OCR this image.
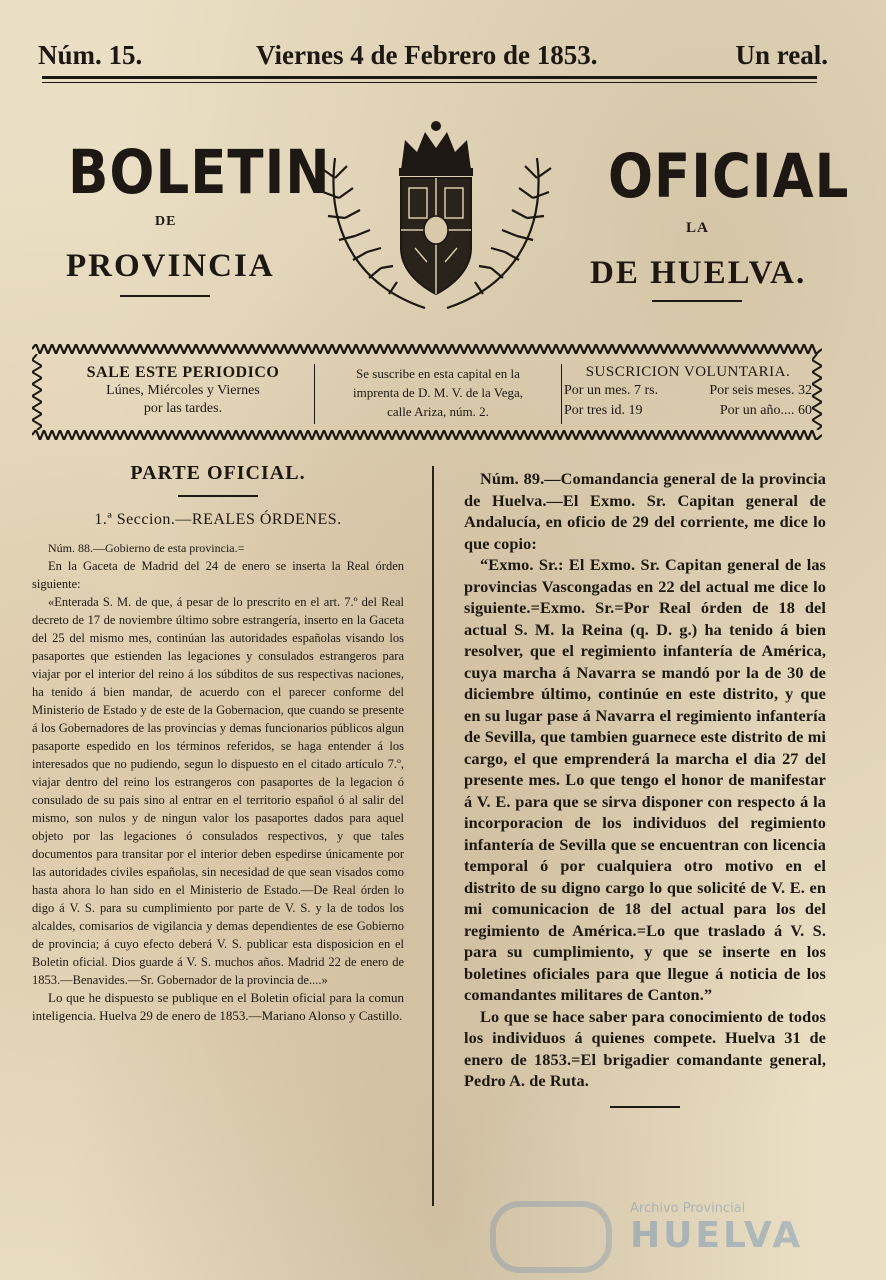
Núm. 15.	Viernes 4 de Febrero de 1853.	Un real.
BOLETIN	OFICIAL
DE	LA
PROVINCIA	DE HUELVA.
SALE ESTE PERIODICO
Lúnes, Miércoles y Viernes
por las tardes.
Se suscribe en esta capital en la
imprenta de D. M. V. de la Vega,
calle Ariza, núm. 2.
SUSCRICION VOLUNTARIA.
Por un mes. 7 rs.	Por seis meses. 32
Por tres id. 19	Por un año.... 60
PARTE OFICIAL.
1.ª Seccion.—REALES ÓRDENES.

Núm. 88.—Gobierno de esta provincia.=

En la Gaceta de Madrid del 24 de enero se inserta la Real órden siguiente:

«Enterada S. M. de que, á pesar de lo prescrito en el art. 7.º del Real decreto de 17 de noviembre último sobre estrangería, inserto en la Gaceta del 25 del mismo mes, continúan las autoridades españolas visando los pasaportes que estienden las legaciones y consulados estrangeros para viajar por el interior del reino á los súbditos de sus respectivas naciones, ha tenido á bien mandar, de acuerdo con el parecer conforme del Ministerio de Estado y de este de la Gobernacion, que cuando se presente á los Gobernadores de las provincias y demas funcionarios públicos algun pasaporte espedido en los términos referidos, se haga entender á los interesados que no pudiendo, segun lo dispuesto en el citado artículo 7.º, viajar dentro del reino los estrangeros con pasaportes de la legacion ó consulado de su pais sino al entrar en el territorio español ó al salir del mismo, son nulos y de ningun valor los pasaportes dados para aquel objeto por las legaciones ó consulados respectivos, y que tales documentos para transitar por el interior deben espedirse únicamente por las autoridades civiles españolas, sin necesidad de que sean visados como hasta ahora lo han sido en el Ministerio de Estado.—De Real órden lo digo á V. S. para su cumplimiento por parte de V. S. y la de todos los alcaldes, comisarios de vigilancia y demas dependientes de ese Gobierno de provincia; á cuyo efecto deberá V. S. publicar esta disposicion en el Boletin oficial. Dios guarde á V. S. muchos años. Madrid 22 de enero de 1853.—Benavides.—Sr. Gobernador de la provincia de....»

Lo que he dispuesto se publique en el Boletin oficial para la comun inteligencia. Huelva 29 de enero de 1853.—Mariano Alonso y Castillo.

Núm. 89.—Comandancia general de la provincia de Huelva.—El Exmo. Sr. Capitan general de Andalucía, en oficio de 29 del corriente, me dice lo que copio:

“Exmo. Sr.: El Exmo. Sr. Capitan general de las provincias Vascongadas en 22 del actual me dice lo siguiente.=Exmo. Sr.=Por Real órden de 18 del actual S. M. la Reina (q. D. g.) ha tenido á bien resolver, que el regimiento infantería de América, cuya marcha á Navarra se mandó por la de 30 de diciembre último, continúe en este distrito, y que en su lugar pase á Navarra el regimiento infantería de Sevilla, que tambien guarnece este distrito de mi cargo, el que emprenderá la marcha el dia 27 del presente mes. Lo que tengo el honor de manifestar á V. E. para que se sirva disponer con respecto á la incorporacion de los individuos del regimiento infantería de Sevilla que se encuentran con licencia temporal ó por cualquiera otro motivo en el distrito de su digno cargo lo que solicité de V. E. en mi comunicacion de 18 del actual para los del regimiento de América.=Lo que traslado á V. S. para su cumplimiento, y que se inserte en los boletines oficiales para que llegue á noticia de los comandantes militares de Canton.”

Lo que se hace saber para conocimiento de todos los individuos á quienes compete. Huelva 31 de enero de 1853.=El brigadier comandante general, Pedro A. de Ruta.

Archivo Provincial
HUELVA
